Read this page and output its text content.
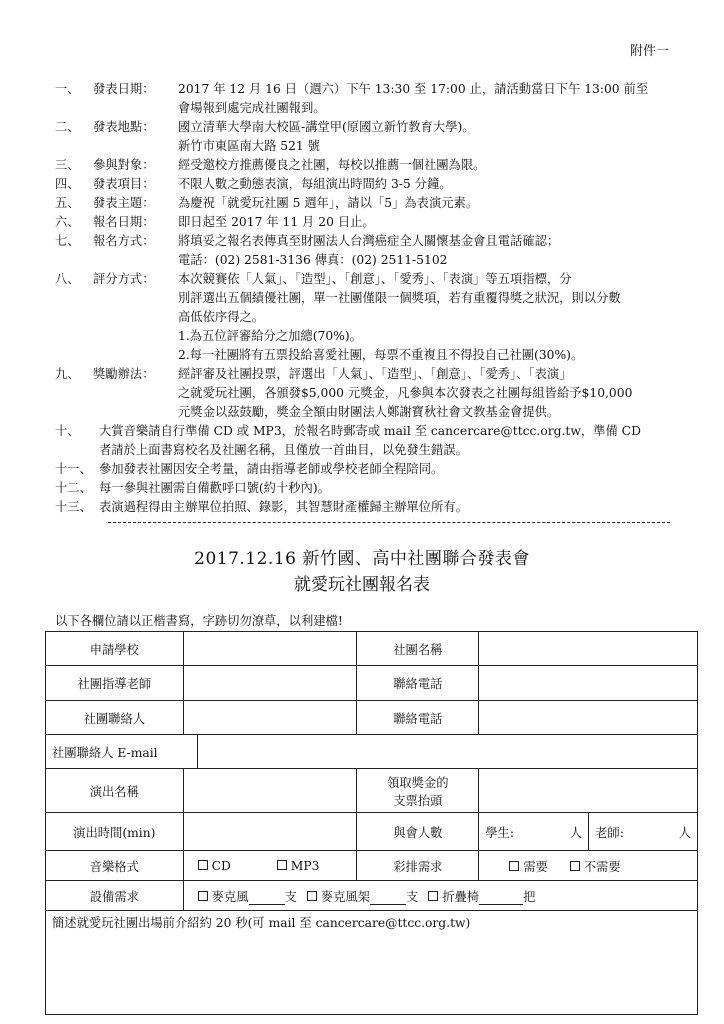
附件一
一、	發表日期：	2017 年 12 月 16 日（週六）下午 13:30 至 17:00 止，請活動當日下午 13:00 前至
會場報到處完成社團報到。
二、	發表地點：	國立清華大學南大校區-講堂甲(原國立新竹教育大學)。
新竹市東區南大路 521 號
三、	參與對象：	經受邀校方推薦優良之社團，每校以推薦一個社團為限。
四、	發表項目：	不限人數之動態表演，每組演出時間約 3-5 分鐘。
五、	發表主題：	為慶祝「就愛玩社團 5 週年」，請以「5」為表演元素。
六、	報名日期：	即日起至 2017 年 11 月 20 日止。
七、	報名方式：	將填妥之報名表傳真至財團法人台灣癌症全人關懷基金會且電話確認；
電話：(02) 2581-3136 傳真：(02) 2511-5102
八、	評分方式：	本次競賽依「人氣」、「造型」、「創意」、「愛秀」、「表演」等五項指標，分
別評選出五個績優社團，單一社團僅限一個獎項，若有重覆得獎之狀況，則以分數
高低依序得之。
1.為五位評審給分之加總(70%)。
2.每一社團將有五票投給喜愛社團，每票不重複且不得投自己社團(30%)。
九、	獎勵辦法：	經評審及社團投票，評選出「人氣」、「造型」、「創意」、「愛秀」、「表演」
之就愛玩社團，各頒發$5,000 元獎金，凡參與本次發表之社團每組皆給予$10,000
元獎金以茲鼓勵，獎金全額由財團法人鄭謝寶秋社會文教基金會提供。
十、	大賞音樂請自行準備 CD 或 MP3，於報名時郵寄或 mail 至 cancercare@ttcc.org.tw，準備 CD
者請於上面書寫校名及社團名稱，且僅放一首曲目，以免發生錯誤。
十一、 參加發表社團因安全考量，請由指導老師或學校老師全程陪同。
十二、 每一參與社團需自備歡呼口號(約十秒內)。
十三、 表演過程得由主辦單位拍照、錄影，其智慧財產權歸主辦單位所有。
2017.12.16 新竹國、高中社團聯合發表會
就愛玩社團報名表
以下各欄位請以正楷書寫，字跡切勿潦草，以利建檔!
申請學校			社團名稱		
社團指導老師			聯絡電話		
社團聯絡人			聯絡電話		
社團聯絡人 E-mail					
演出名稱			領取獎金的
支票抬頭		

演出時間(min)			與會人數	學生: 人	老師: 人

音樂格式	CD MP3		彩排需求	需要 不需要	
設備需求	麥克風 支 麥克風架 支 折疊椅 把				
簡述就愛玩社團出場前介紹約 20 秒(可 mail 至 cancercare@ttcc.org.tw)					
